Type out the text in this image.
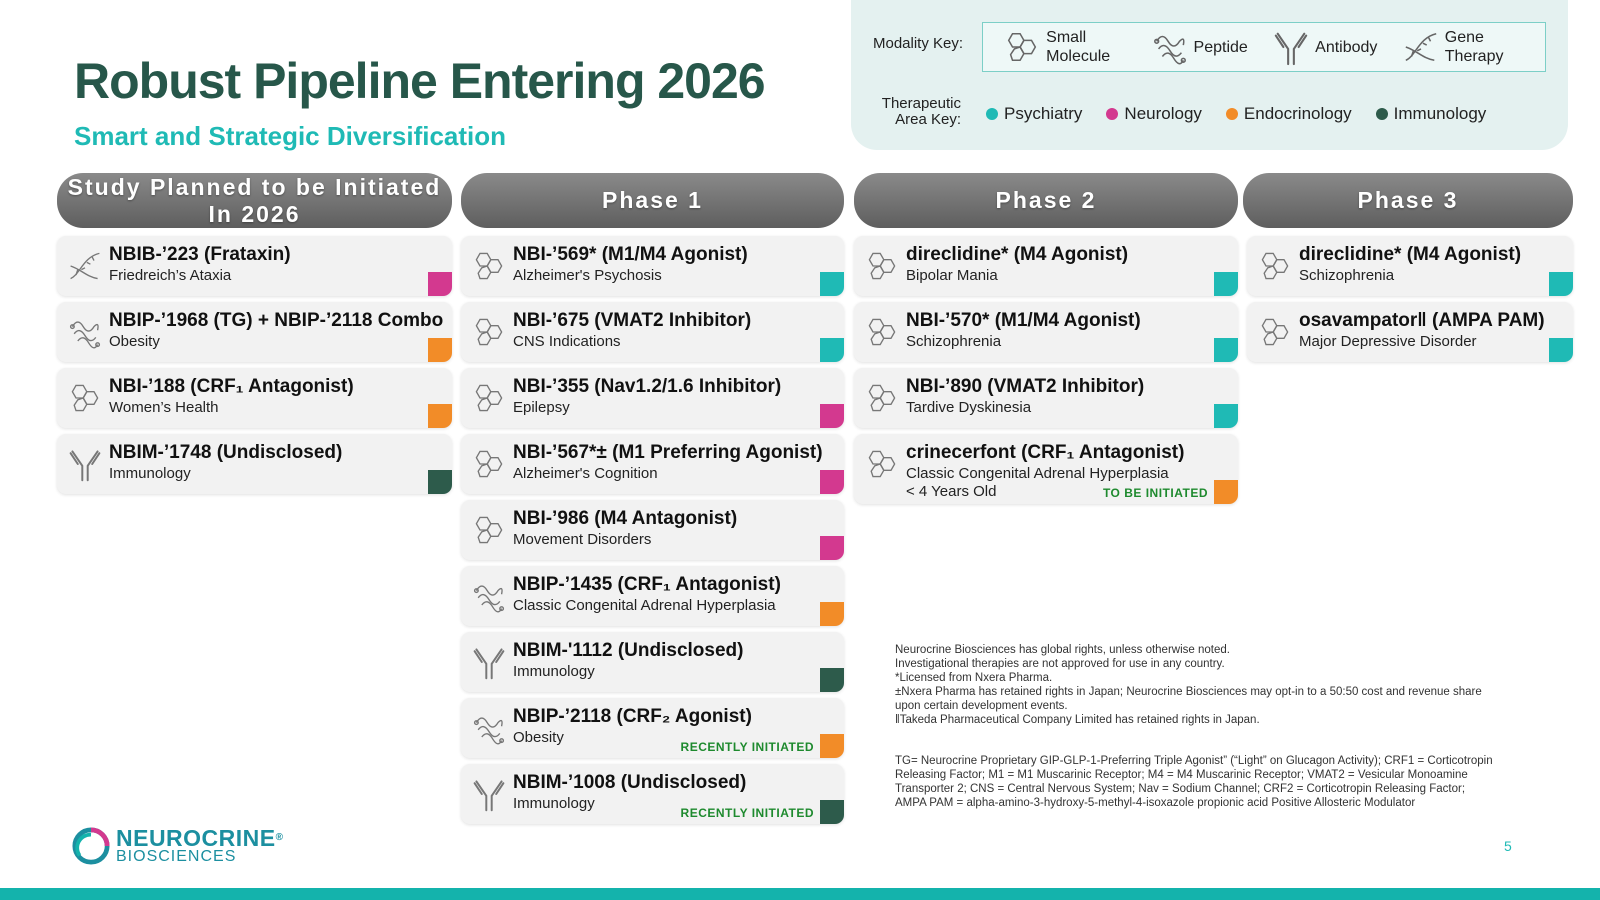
Robust Pipeline Entering 2026
Smart and Strategic Diversification
Modality Key:	Small Molecule
Peptide	Antibody
Gene Therapy
Therapeutic Area Key:	Psychiatry Neurology Endocrinology Immunology
Study Planned to be Initiated In 2026
Phase 1	Phase 2	Phase 3
NBIB-’223 (Frataxin)
Friedreich’s Ataxia
NBIP-’1968 (TG) + NBIP-’2118 Combo
Obesity
NBI-’188 (CRF₁ Antagonist)
Women’s Health
NBIM-’1748 (Undisclosed)
Immunology
NBI-’569* (M1/M4 Agonist)
Alzheimer's Psychosis
NBI-’675 (VMAT2 Inhibitor)
CNS Indications
NBI-’355 (Nav1.2/1.6 Inhibitor)
Epilepsy
NBI-’567*± (M1 Preferring Agonist)
Alzheimer's Cognition
NBI-’986 (M4 Antagonist)
Movement Disorders
NBIP-’1435 (CRF₁ Antagonist)
Classic Congenital Adrenal Hyperplasia
NBIM-'1112 (Undisclosed)
Immunology
NBIP-’2118 (CRF₂ Agonist)
Obesity
RECENTLY INITIATED
NBIM-’1008 (Undisclosed)
Immunology
RECENTLY INITIATED
direclidine* (M4 Agonist)
Bipolar Mania
NBI-’570* (M1/M4 Agonist)
Schizophrenia
NBI-’890 (VMAT2 Inhibitor)
Tardive Dyskinesia
crinecerfont (CRF₁ Antagonist)
Classic Congenital Adrenal Hyperplasia
< 4 Years Old	TO BE INITIATED
direclidine* (M4 Agonist)
Schizophrenia
osavampator‖ (AMPA PAM)
Major Depressive Disorder
Neurocrine Biosciences has global rights, unless otherwise noted.
Investigational therapies are not approved for use in any country.
*Licensed from Nxera Pharma.
±Nxera Pharma has retained rights in Japan; Neurocrine Biosciences may opt-in to a 50:50 cost and revenue share upon certain development events.
‖Takeda Pharmaceutical Company Limited has retained rights in Japan.
TG= Neurocrine Proprietary GIP-GLP-1-Preferring Triple Agonist” (“Light” on Glucagon Activity); CRF1 = Corticotropin Releasing Factor; M1 = M1 Muscarinic Receptor; M4 = M4 Muscarinic Receptor; VMAT2 = Vesicular Monoamine Transporter 2; CNS = Central Nervous System; Nav = Sodium Channel; CRF2 = Corticotropin Releasing Factor; AMPA PAM = alpha-amino-3-hydroxy-5-methyl-4-isoxazole propionic acid Positive Allosteric Modulator
NEUROCRINE®
BIOSCIENCES
5
